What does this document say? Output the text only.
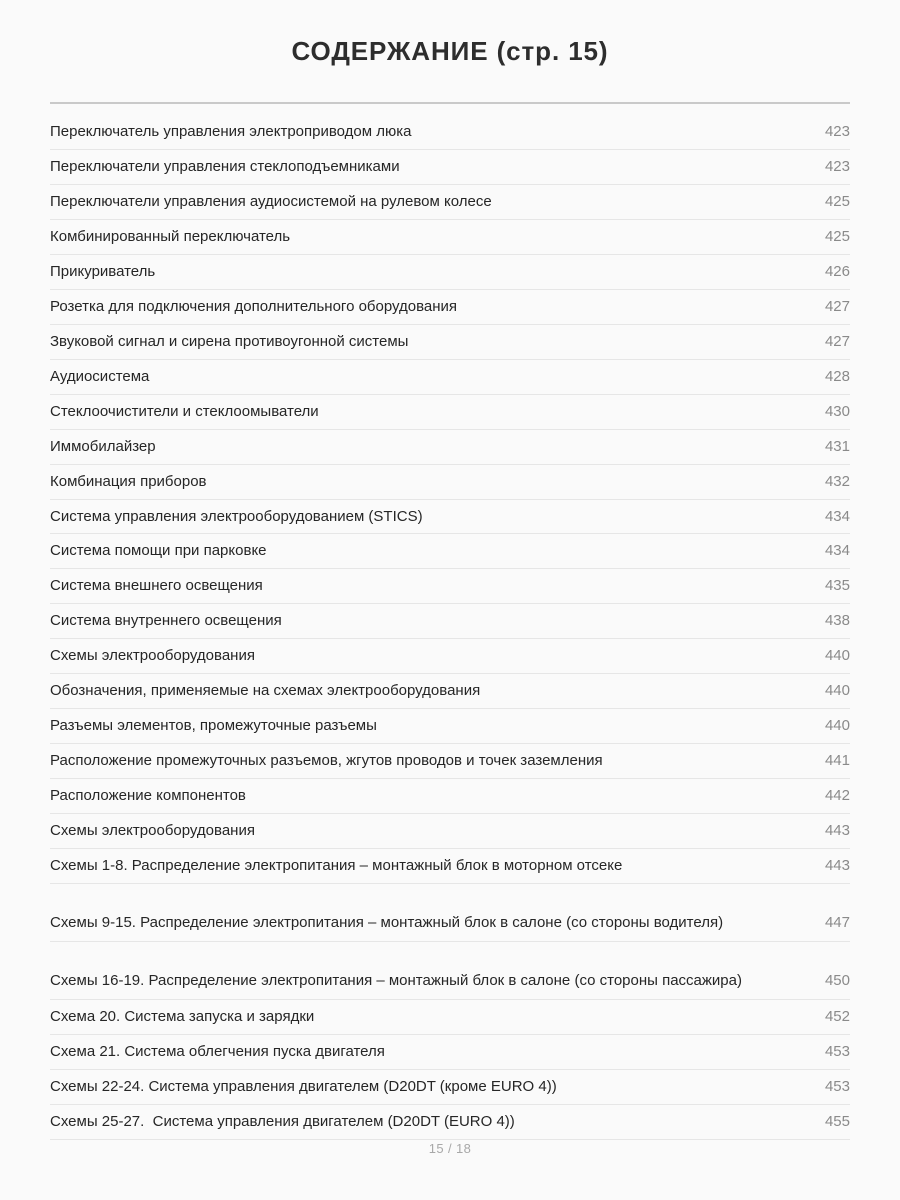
СОДЕРЖАНИЕ (стр. 15)
Переключатель управления электроприводом люка	423
Переключатели управления стеклоподъемниками	423
Переключатели управления аудиосистемой на рулевом колесе	425
Комбинированный переключатель	425
Прикуриватель	426
Розетка для подключения дополнительного оборудования	427
Звуковой сигнал и сирена противоугонной системы	427
Аудиосистема	428
Стеклоочистители и стеклоомыватели	430
Иммобилайзер	431
Комбинация приборов	432
Система управления электрооборудованием (STICS)	434
Система помощи при парковке	434
Система внешнего освещения	435
Система внутреннего освещения	438
Схемы электрооборудования	440
Обозначения, применяемые на схемах электрооборудования	440
Разъемы элементов, промежуточные разъемы	440
Расположение промежуточных разъемов, жгутов проводов и точек заземления	441
Расположение компонентов	442
Схемы электрооборудования	443
Схемы 1-8. Распределение электропитания – монтажный блок в моторном отсеке	443
Схемы 9-15. Распределение электропитания – монтажный блок в салоне (со стороны водителя)	447
Схемы 16-19. Распределение электропитания – монтажный блок в салоне (со стороны пассажира)	450
Схема 20. Система запуска и зарядки	452
Схема 21. Система облегчения пуска двигателя	453
Схемы 22-24. Система управления двигателем (D20DT (кроме EURO 4))	453
Схемы 25-27.  Система управления двигателем (D20DT (EURO 4))	455
15 / 18
